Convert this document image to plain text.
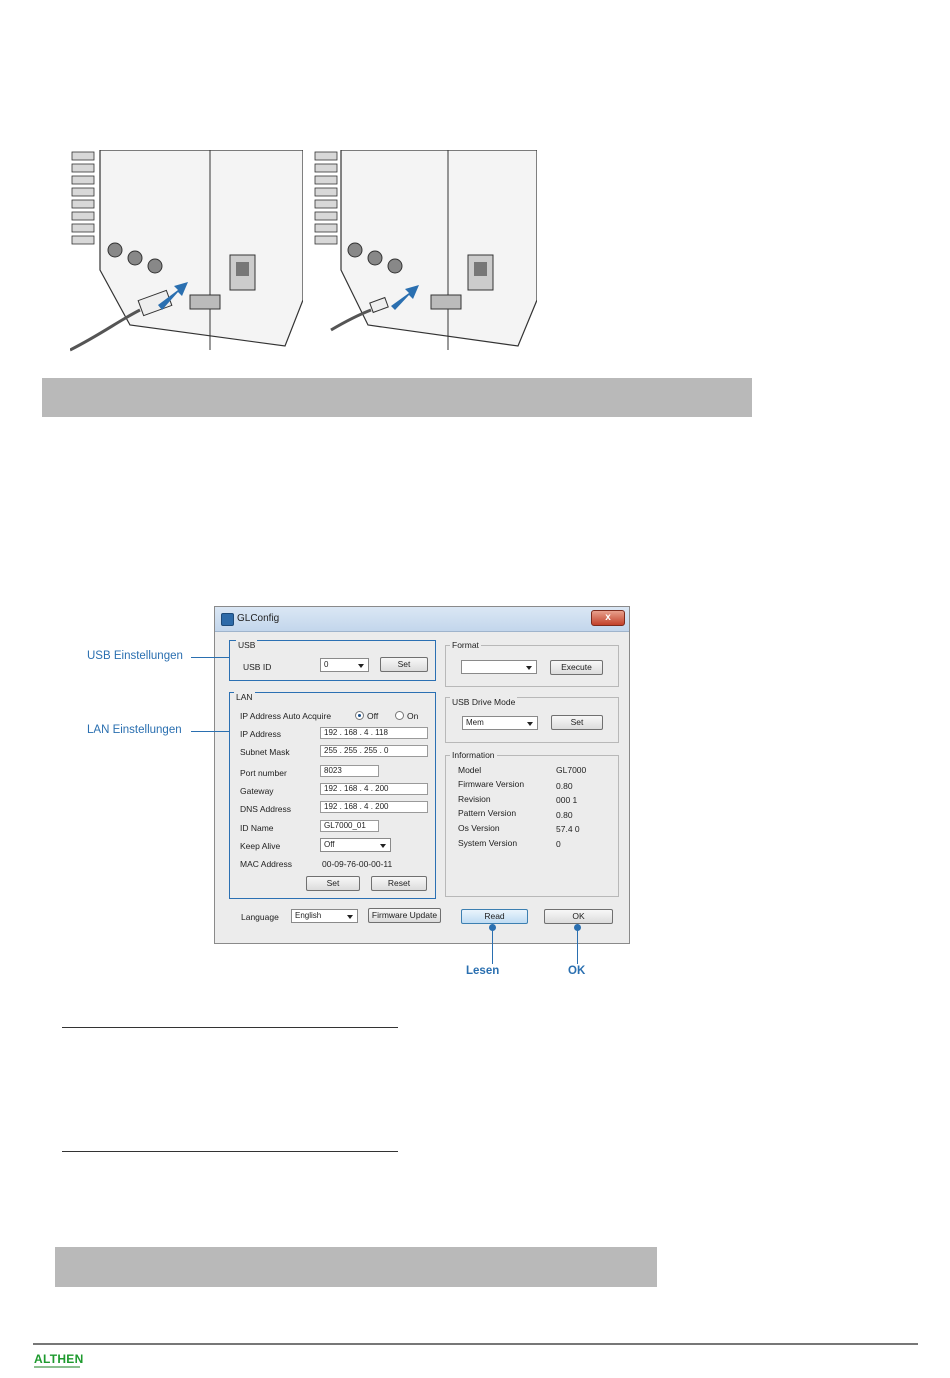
GLConfig	x
USB
USB ID	0	Set
LAN
IP Address Auto Acquire	Off	On
IP Address	192 . 168 . 4 . 118
Subnet Mask	255 . 255 . 255 . 0
Port number	8023
Gateway	192 . 168 . 4 . 200
DNS Address	192 . 168 . 4 . 200
ID Name	GL7000_01
Keep Alive	Off
MAC Address	00-09-76-00-00-11
Set	Reset
Format
Execute
USB Drive Mode
Mem	Set
Information
Model	GL7000
Firmware Version	0.80
Revision	000 1
Pattern Version	0.80
Os Version	57.4 0
System Version	0
Language	English	Firmware Update	Read	OK
USB Einstellungen
LAN Einstellungen
Lesen	OK
ALTHEN
